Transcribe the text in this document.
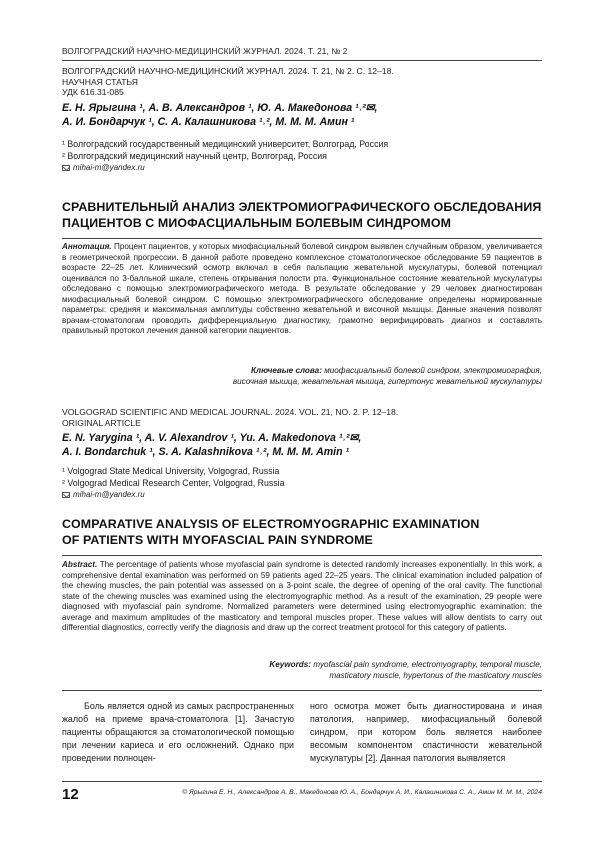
ВОЛГОГРАДСКИЙ НАУЧНО-МЕДИЦИНСКИЙ ЖУРНАЛ. 2024. Т. 21, № 2
ВОЛГОГРАДСКИЙ НАУЧНО-МЕДИЦИНСКИЙ ЖУРНАЛ. 2024. Т. 21, № 2. С. 12–18.
НАУЧНАЯ СТАТЬЯ
УДК 616.31-085
Е. Н. Ярыгина ¹, А. В. Александров ¹, Ю. А. Македонова ¹˒²✉,
А. И. Бондарчук ¹, С. А. Калашникова ¹˒², М. М. М. Амин ¹
¹ Волгоградский государственный медицинский университет, Волгоград, Россия
² Волгоградский медицинский научный центр, Волгоград, Россия
mihai-m@yandex.ru
СРАВНИТЕЛЬНЫЙ АНАЛИЗ ЭЛЕКТРОМИОГРАФИЧЕСКОГО ОБСЛЕДОВАНИЯ
ПАЦИЕНТОВ С МИОФАСЦИАЛЬНЫМ БОЛЕВЫМ СИНДРОМОМ
Аннотация. Процент пациентов, у которых миофасциальный болевой синдром выявлен случайным образом, увеличивается в геометрической прогрессии. В данной работе проведено комплексное стоматологическое обследование 59 пациентов в возрасте 22–25 лет. Клинический осмотр включал в себя пальпацию жевательной мускулатуры, болевой потенциал оценивался по 3-балльной шкале, степень открывания полости рта. Функциональное состояние жевательной мускулатуры обследовано с помощью электромиографического метода. В результате обследование у 29 человек диагностирован миофасциальный болевой синдром. С помощью электромиографического обследование определены нормированные параметры: средняя и максимальная амплитуды собственно жевательной и височной мышцы. Данные значения позволят врачам-стоматологам проводить дифференциальную диагностику, грамотно верифицировать диагноз и составлять правильный протокол лечения данной категории пациентов.
Ключевые слова: миофасциальный болевой синдром, электромиография,
височная мышца, жевательная мышца, гипертонус жевательной мускулатуры
VOLGOGRAD SCIENTIFIC AND MEDICAL JOURNAL. 2024. VOL. 21, NO. 2. P. 12–18.
ORIGINAL ARTICLE
E. N. Yarygina ¹, A. V. Alexandrov ¹, Yu. A. Makedonova ¹˒²✉,
A. I. Bondarchuk ¹, S. A. Kalashnikova ¹˒², M. M. M. Amin ¹
¹ Volgograd State Medical University, Volgograd, Russia
² Volgograd Medical Research Center, Volgograd, Russia
mihai-m@yandex.ru
COMPARATIVE ANALYSIS OF ELECTROMYOGRAPHIC EXAMINATION
OF PATIENTS WITH MYOFASCIAL PAIN SYNDROME
Abstract. The percentage of patients whose myofascial pain syndrome is detected randomly increases exponentially. In this work, a comprehensive dental examination was performed on 59 patients aged 22–25 years. The clinical examination included palpation of the chewing muscles, the pain potential was assessed on a 3-point scale, the degree of opening of the oral cavity. The functional state of the chewing muscles was examined using the electromyographic method. As a result of the examination, 29 people were diagnosed with myofascial pain syndrome. Normalized parameters were determined using electromyographic examination: the average and maximum amplitudes of the masticatory and temporal muscles proper. These values will allow dentists to carry out differential diagnostics, correctly verify the diagnosis and draw up the correct treatment protocol for this category of patients.
Keywords: myofascial pain syndrome, electromyography, temporal muscle,
masticatory muscle, hypertonus of the masticatory muscles
Боль является одной из самых распространенных жалоб на приеме врача-стоматолога [1]. Зачастую пациенты обращаются за стоматологической помощью при лечении кариеса и его осложнений. Однако при проведении полноцен-
ного осмотра может быть диагностирована и иная патология, например, миофасциальный болевой синдром, при котором боль является наиболее весомым компонентом спастичности жевательной мускулатуры [2]. Данная патология выявляется
12	© Ярыгина Е. Н., Александров А. В., Македонова Ю. А., Бондарчук А. И., Калашникова С. А., Амин М. М. М., 2024
